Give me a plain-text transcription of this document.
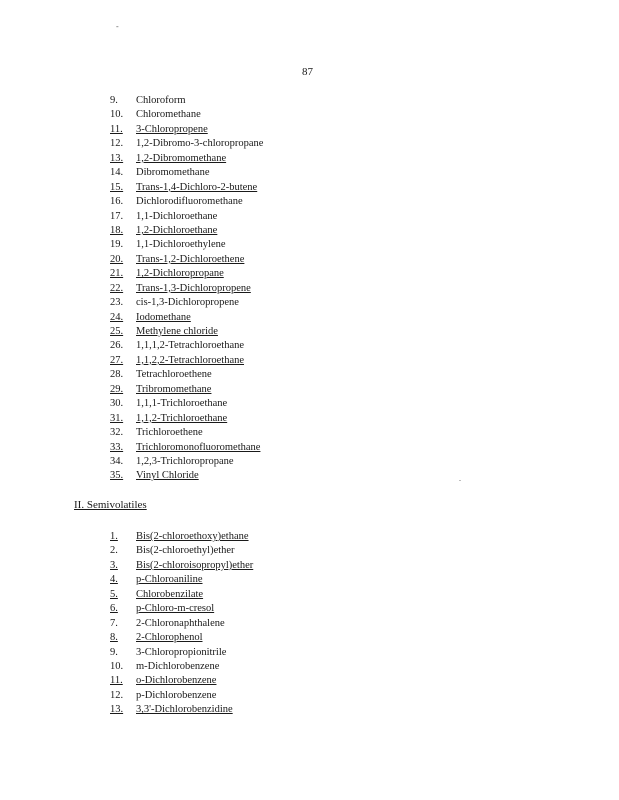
-
87
.
9. Chloroform
10. Chloromethane
11. 3-Chloropropene
12. 1,2-Dibromo-3-chloropropane
13. 1,2-Dibromomethane
14. Dibromomethane
15. Trans-1,4-Dichloro-2-butene
16. Dichlorodifluoromethane
17. 1,1-Dichloroethane
18. 1,2-Dichloroethane
19. 1,1-Dichloroethylene
20. Trans-1,2-Dichloroethene
21. 1,2-Dichloropropane
22. Trans-1,3-Dichloropropene
23. cis-1,3-Dichloropropene
24. Iodomethane
25. Methylene chloride
26. 1,1,1,2-Tetrachloroethane
27. 1,1,2,2-Tetrachloroethane
28. Tetrachloroethene
29. Tribromomethane
30. 1,1,1-Trichloroethane
31. 1,1,2-Trichloroethane
32. Trichloroethene
33. Trichloromonofluoromethane
34. 1,2,3-Trichloropropane
35. Vinyl Chloride
II. Semivolatiles
1. Bis(2-chloroethoxy)ethane
2. Bis(2-chloroethyl)ether
3. Bis(2-chloroisopropyl)ether
4. p-Chloroaniline
5. Chlorobenzilate
6. p-Chloro-m-cresol
7. 2-Chloronaphthalene
8. 2-Chlorophenol
9. 3-Chloropropionitrile
10. m-Dichlorobenzene
11. o-Dichlorobenzene
12. p-Dichlorobenzene
13. 3,3'-Dichlorobenzidine
